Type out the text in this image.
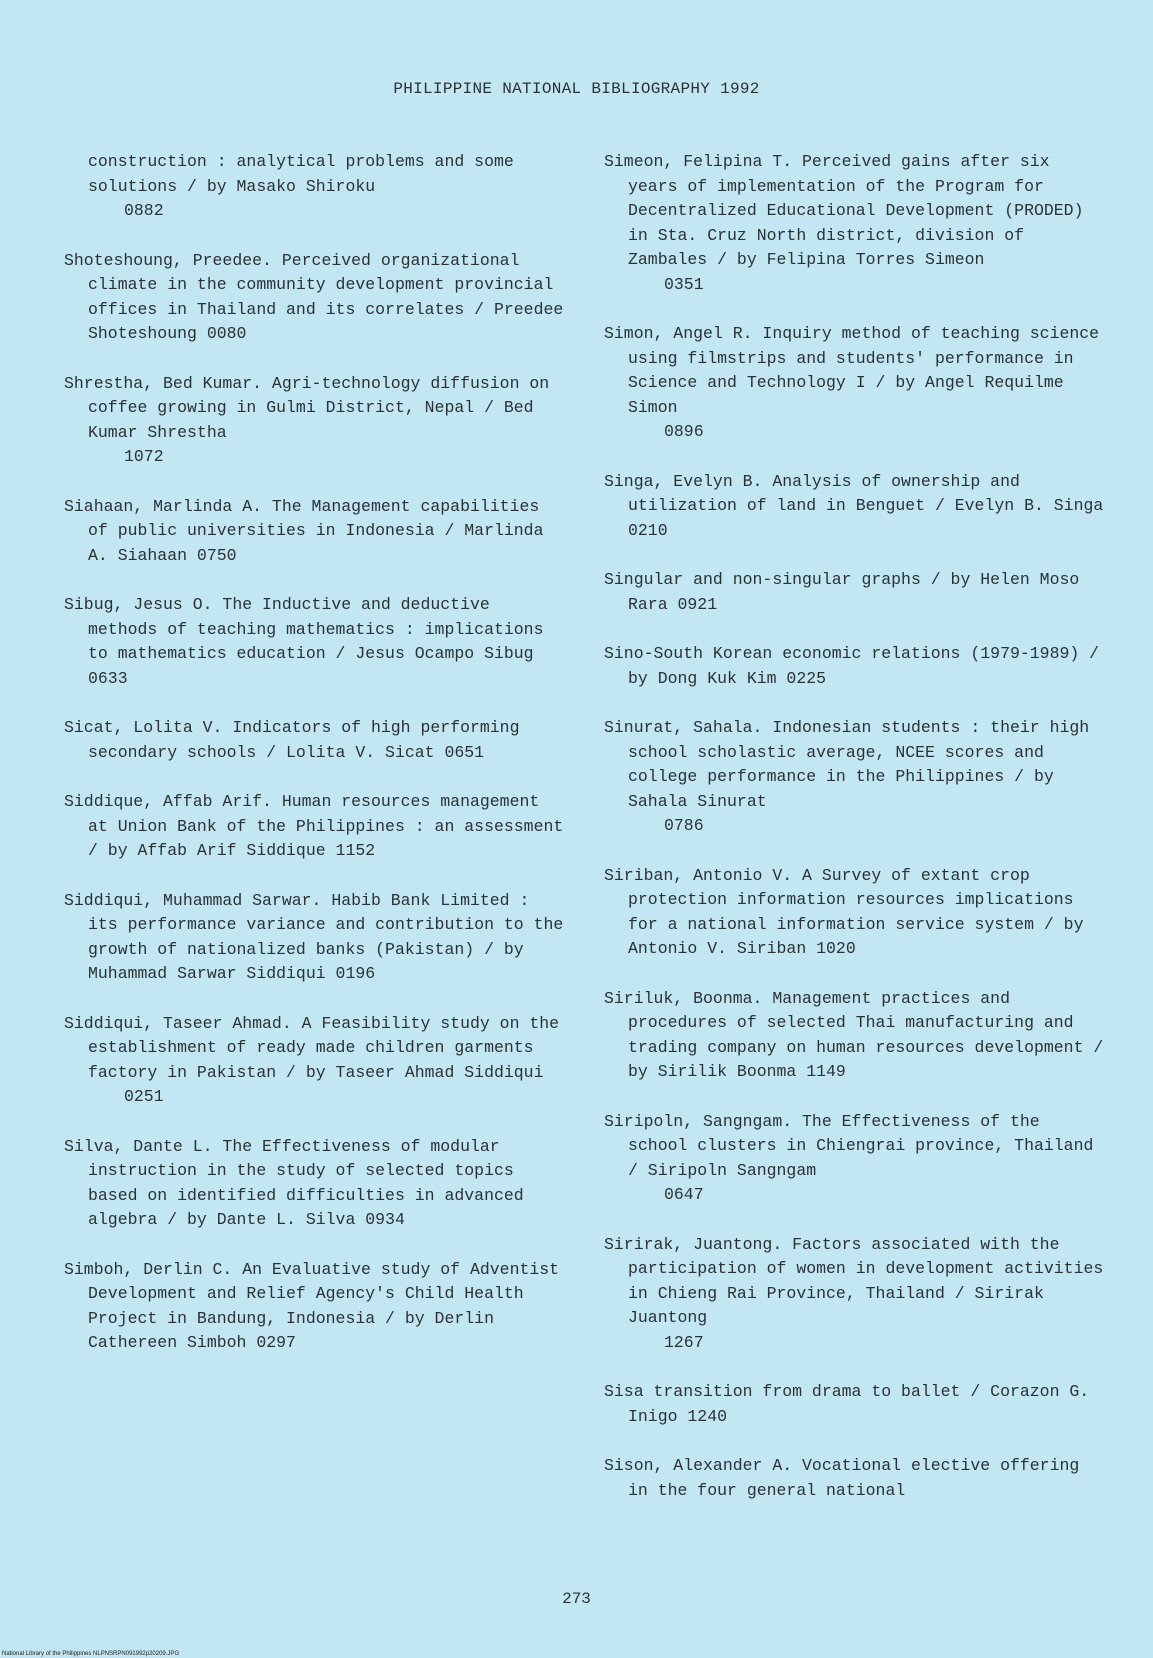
PHILIPPINE NATIONAL BIBLIOGRAPHY 1992

construction : analytical problems and some solutions / by Masako Shiroku
0882

Shoteshoung, Preedee. Perceived organizational climate in the community development provincial offices in Thailand and its correlates / Preedee Shoteshoung 0080

Shrestha, Bed Kumar. Agri-technology diffusion on coffee growing in Gulmi District, Nepal / Bed Kumar Shrestha
1072

Siahaan, Marlinda A. The Management capabilities of public universities in Indonesia / Marlinda A. Siahaan 0750

Sibug, Jesus O. The Inductive and deductive methods of teaching mathematics : implications to mathematics education / Jesus Ocampo Sibug 0633

Sicat, Lolita V. Indicators of high performing secondary schools / Lolita V. Sicat 0651

Siddique, Affab Arif. Human resources management at Union Bank of the Philippines : an assessment / by Affab Arif Siddique 1152

Siddiqui, Muhammad Sarwar. Habib Bank Limited : its performance variance and contribution to the growth of nationalized banks (Pakistan) / by Muhammad Sarwar Siddiqui 0196

Siddiqui, Taseer Ahmad. A Feasibility study on the establishment of ready made children garments factory in Pakistan / by Taseer Ahmad Siddiqui
0251

Silva, Dante L. The Effectiveness of modular instruction in the study of selected topics based on identified difficulties in advanced algebra / by Dante L. Silva 0934

Simboh, Derlin C. An Evaluative study of Adventist Development and Relief Agency's Child Health Project in Bandung, Indonesia / by Derlin Cathereen Simboh 0297

Simeon, Felipina T. Perceived gains after six years of implementation of the Program for Decentralized Educational Development (PRODED) in Sta. Cruz North district, division of Zambales / by Felipina Torres Simeon
0351

Simon, Angel R. Inquiry method of teaching science using filmstrips and students' performance in Science and Technology I / by Angel Requilme Simon
0896

Singa, Evelyn B. Analysis of ownership and utilization of land in Benguet / Evelyn B. Singa 0210

Singular and non-singular graphs / by Helen Moso Rara 0921

Sino-South Korean economic relations (1979-1989) / by Dong Kuk Kim 0225

Sinurat, Sahala. Indonesian students : their high school scholastic average, NCEE scores and college performance in the Philippines / by Sahala Sinurat
0786

Siriban, Antonio V. A Survey of extant crop protection information resources implications for a national information service system / by Antonio V. Siriban 1020

Siriluk, Boonma. Management practices and procedures of selected Thai manufacturing and trading company on human resources development / by Sirilik Boonma 1149

Siripoln, Sangngam. The Effectiveness of the school clusters in Chiengrai province, Thailand / Siripoln Sangngam
0647

Sirirak, Juantong. Factors associated with the participation of women in development activities in Chieng Rai Province, Thailand / Sirirak Juantong
1267

Sisa transition from drama to ballet / Corazon G. Inigo 1240

Sison, Alexander A. Vocational elective offering in the four general national

273
National Library of the Philippines NLPNSRPN091992p20209.JPG
